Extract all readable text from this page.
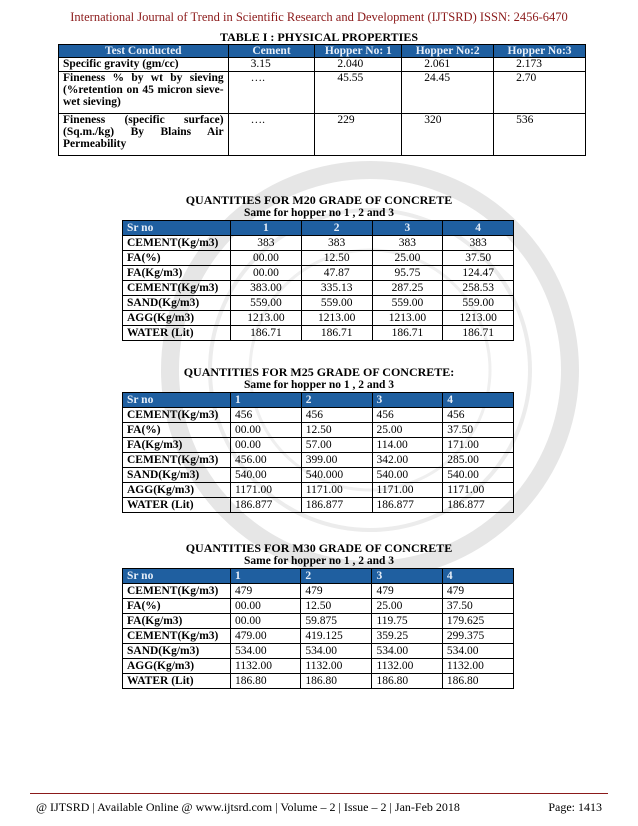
International Journal of Trend in Scientific Research and Development (IJTSRD) ISSN: 2456-6470
TABLE I : PHYSICAL PROPERTIES
Test Conducted	Cement	Hopper No: 1	Hopper No:2	Hopper No:3
Specific gravity (gm/cc)	3.15	2.040	2.061	2.173
Fineness % by wt by sieving (%retention on 45 micron sieve-wet sieving)	….	45.55	24.45	2.70
Fineness (specific surface)(Sq.m./kg) By Blains Air Permeability	….	229	320	536
QUANTITIES FOR M20 GRADE OF CONCRETE
Same for hopper no 1 , 2 and 3
Sr no	1	2	3	4
CEMENT(Kg/m3)	383	383	383	383
FA(%)	00.00	12.50	25.00	37.50
FA(Kg/m3)	00.00	47.87	95.75	124.47
CEMENT(Kg/m3)	383.00	335.13	287.25	258.53
SAND(Kg/m3)	559.00	559.00	559.00	559.00
AGG(Kg/m3)	1213.00	1213.00	1213.00	1213.00
WATER (Lit)	186.71	186.71	186.71	186.71
QUANTITIES FOR M25 GRADE OF CONCRETE:
Same for hopper no 1 , 2 and 3
Sr no	1	2	3	4
CEMENT(Kg/m3)	456	456	456	456
FA(%)	00.00	12.50	25.00	37.50
FA(Kg/m3)	00.00	57.00	114.00	171.00
CEMENT(Kg/m3)	456.00	399.00	342.00	285.00
SAND(Kg/m3)	540.00	540.000	540.00	540.00
AGG(Kg/m3)	1171.00	1171.00	1171.00	1171.00
WATER (Lit)	186.877	186.877	186.877	186.877
QUANTITIES FOR M30 GRADE OF CONCRETE
Same for hopper no 1 , 2 and 3
Sr no	1	2	3	4
CEMENT(Kg/m3)	479	479	479	479
FA(%)	00.00	12.50	25.00	37.50
FA(Kg/m3)	00.00	59.875	119.75	179.625
CEMENT(Kg/m3)	479.00	419.125	359.25	299.375
SAND(Kg/m3)	534.00	534.00	534.00	534.00
AGG(Kg/m3)	1132.00	1132.00	1132.00	1132.00
WATER (Lit)	186.80	186.80	186.80	186.80
@ IJTSRD | Available Online @ www.ijtsrd.com | Volume – 2 | Issue – 2 | Jan-Feb 2018	Page: 1413
